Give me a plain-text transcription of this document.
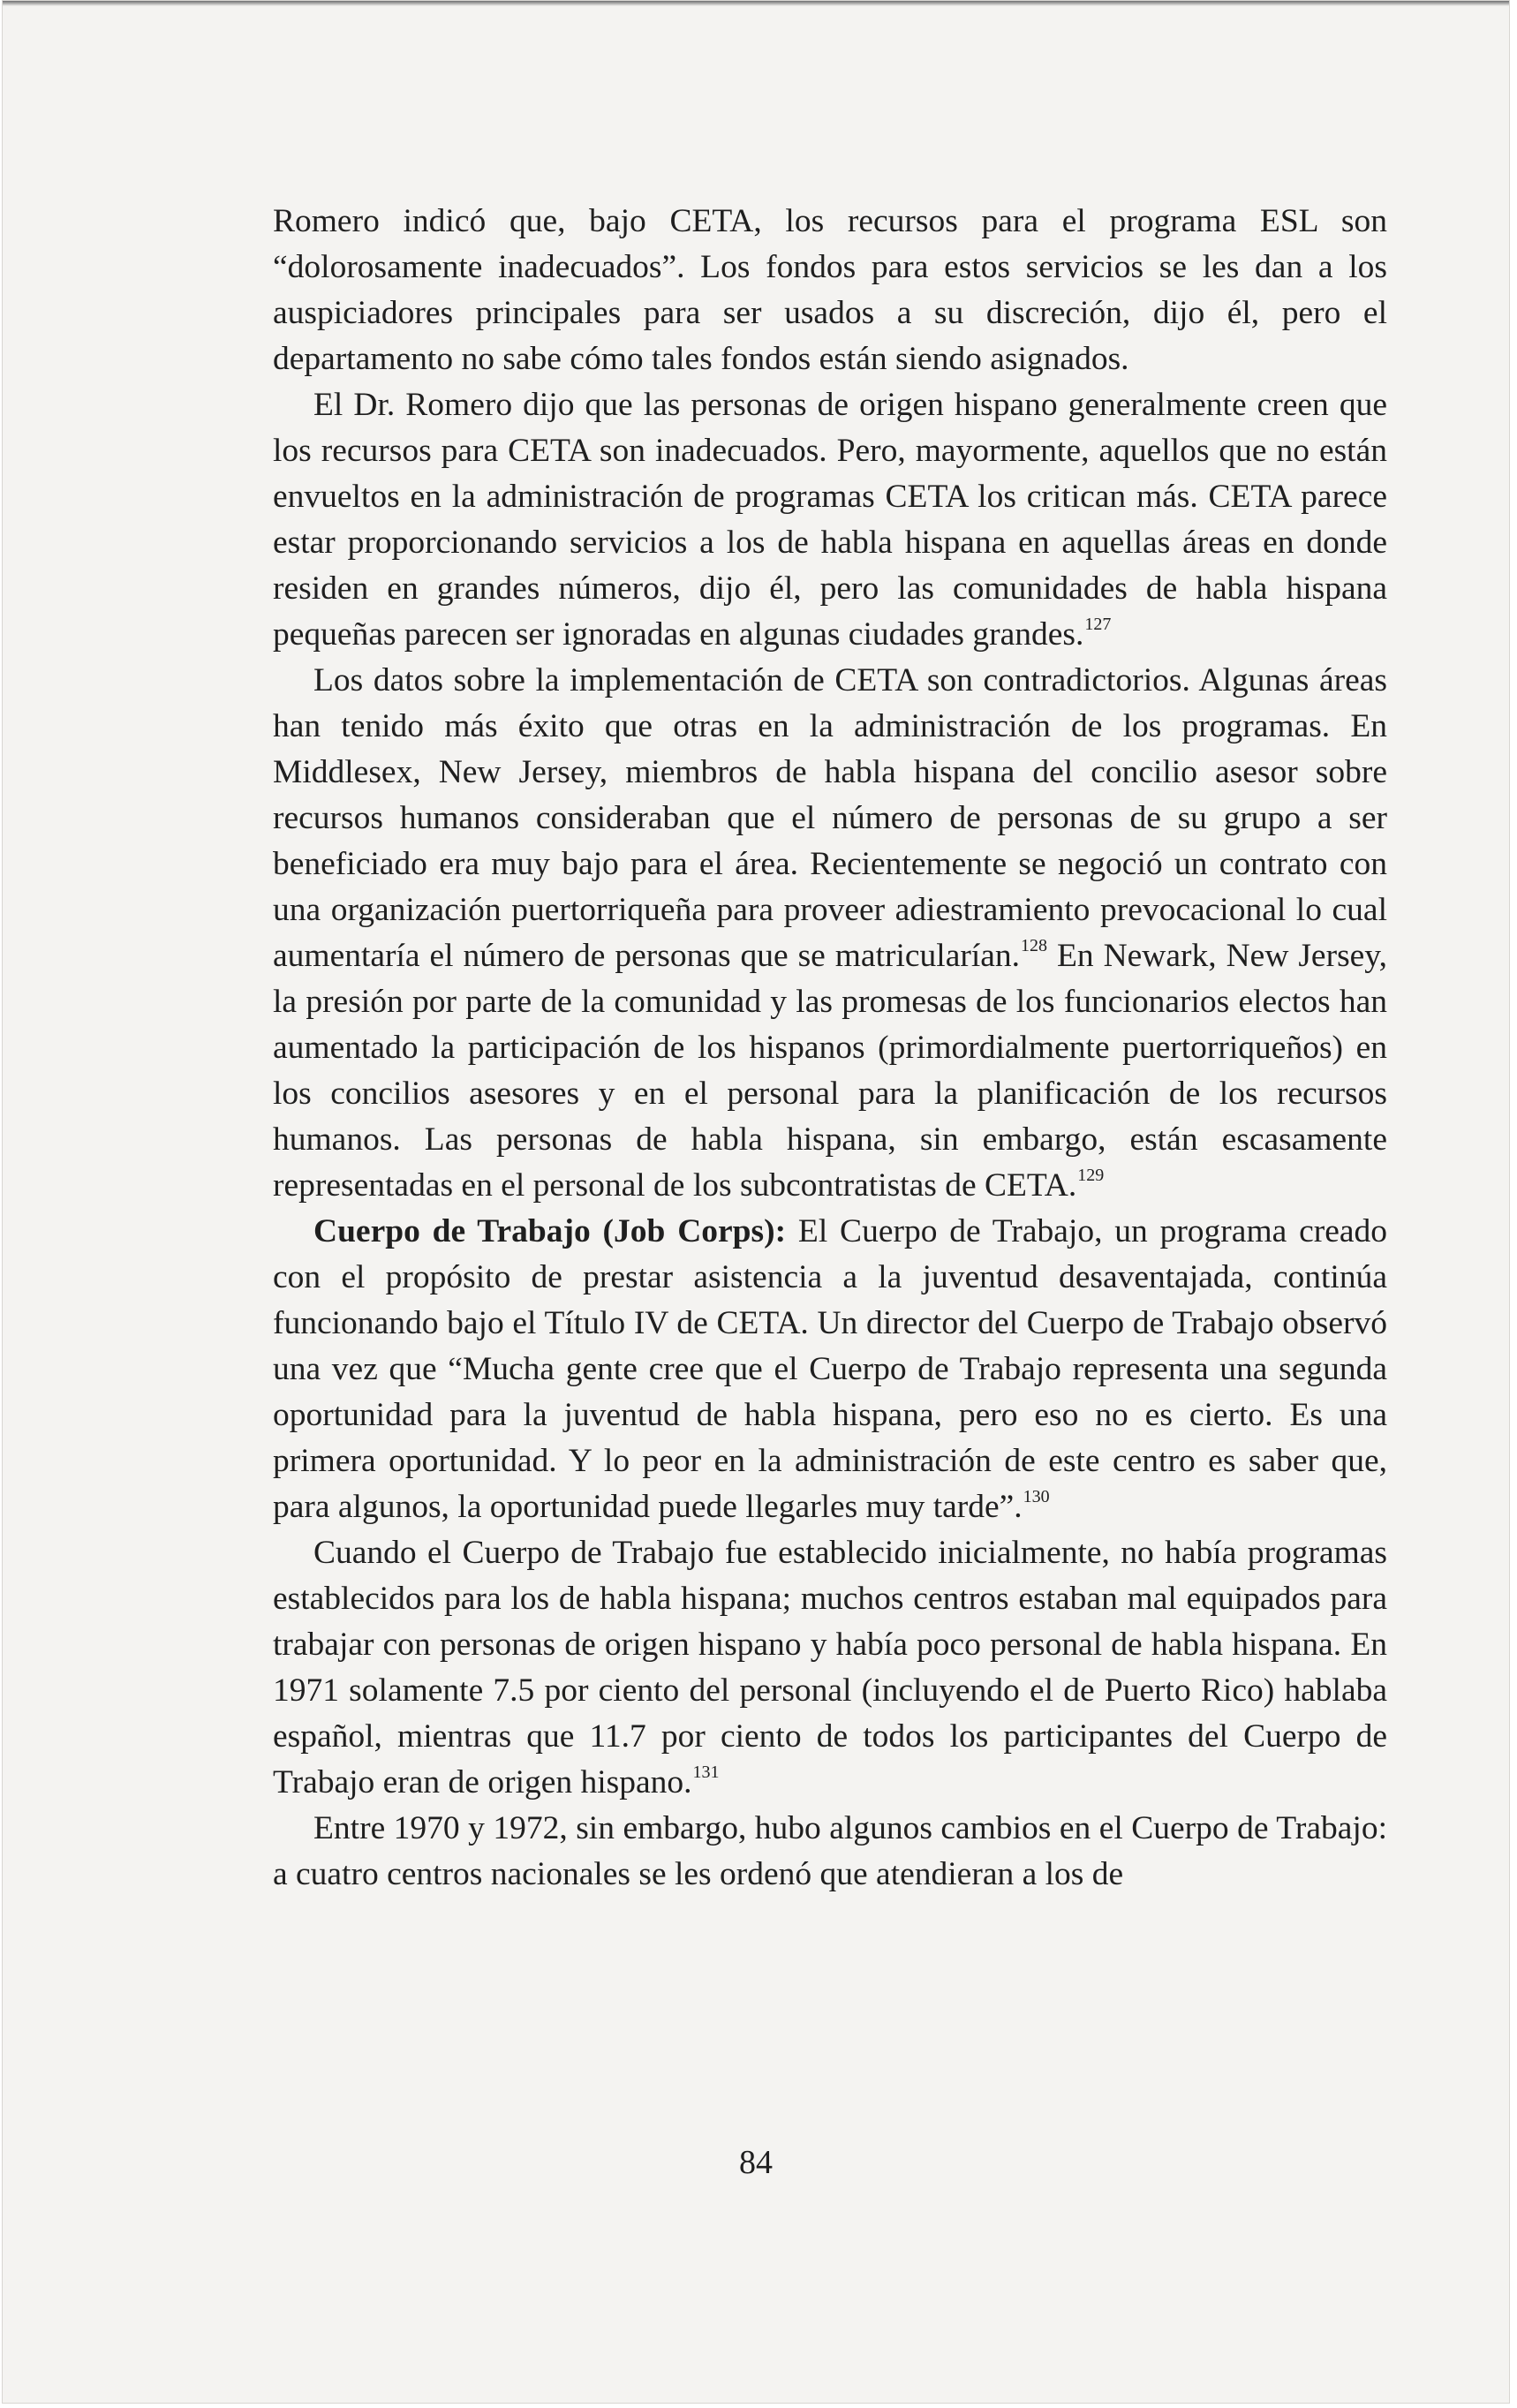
Romero indicó que, bajo CETA, los recursos para el programa ESL son “dolorosamente inadecuados”. Los fondos para estos servicios se les dan a los auspiciadores principales para ser usados a su discreción, dijo él, pero el departamento no sabe cómo tales fondos están siendo asignados.

El Dr. Romero dijo que las personas de origen hispano generalmente creen que los recursos para CETA son inadecuados. Pero, mayormente, aquellos que no están envueltos en la administración de programas CETA los critican más. CETA parece estar proporcionando servicios a los de habla hispana en aquellas áreas en donde residen en grandes números, dijo él, pero las comunidades de habla hispana pequeñas parecen ser ignoradas en algunas ciudades grandes.$^{127}$

Los datos sobre la implementación de CETA son contradictorios. Algunas áreas han tenido más éxito que otras en la administración de los programas. En Middlesex, New Jersey, miembros de habla hispana del concilio asesor sobre recursos humanos consideraban que el número de personas de su grupo a ser beneficiado era muy bajo para el área. Recientemente se negoció un contrato con una organización puertorriqueña para proveer adiestramiento prevocacional lo cual aumentaría el número de personas que se matricularían.$^{128}$ En Newark, New Jersey, la presión por parte de la comunidad y las promesas de los funcionarios electos han aumentado la participación de los hispanos (primordialmente puertorriqueños) en los concilios asesores y en el personal para la planificación de los recursos humanos. Las personas de habla hispana, sin embargo, están escasamente representadas en el personal de los subcontratistas de CETA.$^{129}$

Cuerpo de Trabajo (Job Corps): El Cuerpo de Trabajo, un programa creado con el propósito de prestar asistencia a la juventud desaventajada, continúa funcionando bajo el Título IV de CETA. Un director del Cuerpo de Trabajo observó una vez que “Mucha gente cree que el Cuerpo de Trabajo representa una segunda oportunidad para la juventud de habla hispana, pero eso no es cierto. Es una primera oportunidad. Y lo peor en la administración de este centro es saber que, para algunos, la oportunidad puede llegarles muy tarde”.$^{130}$

Cuando el Cuerpo de Trabajo fue establecido inicialmente, no había programas establecidos para los de habla hispana; muchos centros estaban mal equipados para trabajar con personas de origen hispano y había poco personal de habla hispana. En 1971 solamente 7.5 por ciento del personal (incluyendo el de Puerto Rico) hablaba español, mientras que 11.7 por ciento de todos los participantes del Cuerpo de Trabajo eran de origen hispano.$^{131}$

Entre 1970 y 1972, sin embargo, hubo algunos cambios en el Cuerpo de Trabajo: a cuatro centros nacionales se les ordenó que atendieran a los de

84
